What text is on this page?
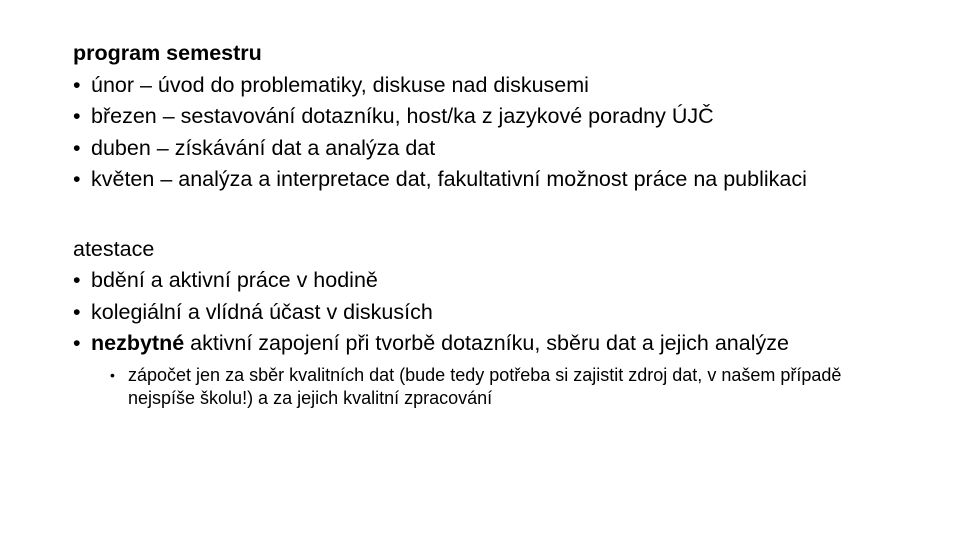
program semestru
• únor – úvod do problematiky, diskuse nad diskusemi
• březen – sestavování dotazníku, host/ka z jazykové poradny ÚJČ
• duben – získávání dat a analýza dat
• květen – analýza a interpretace dat, fakultativní možnost práce na publikaci
atestace
• bdění a aktivní práce v hodině
• kolegiální a vlídná účast v diskusích
• nezbytné aktivní zapojení při tvorbě dotazníku, sběru dat a jejich analýze
• zápočet jen za sběr kvalitních dat (bude tedy potřeba si zajistit zdroj dat, v našem případě nejspíše školu!) a za jejich kvalitní zpracování
